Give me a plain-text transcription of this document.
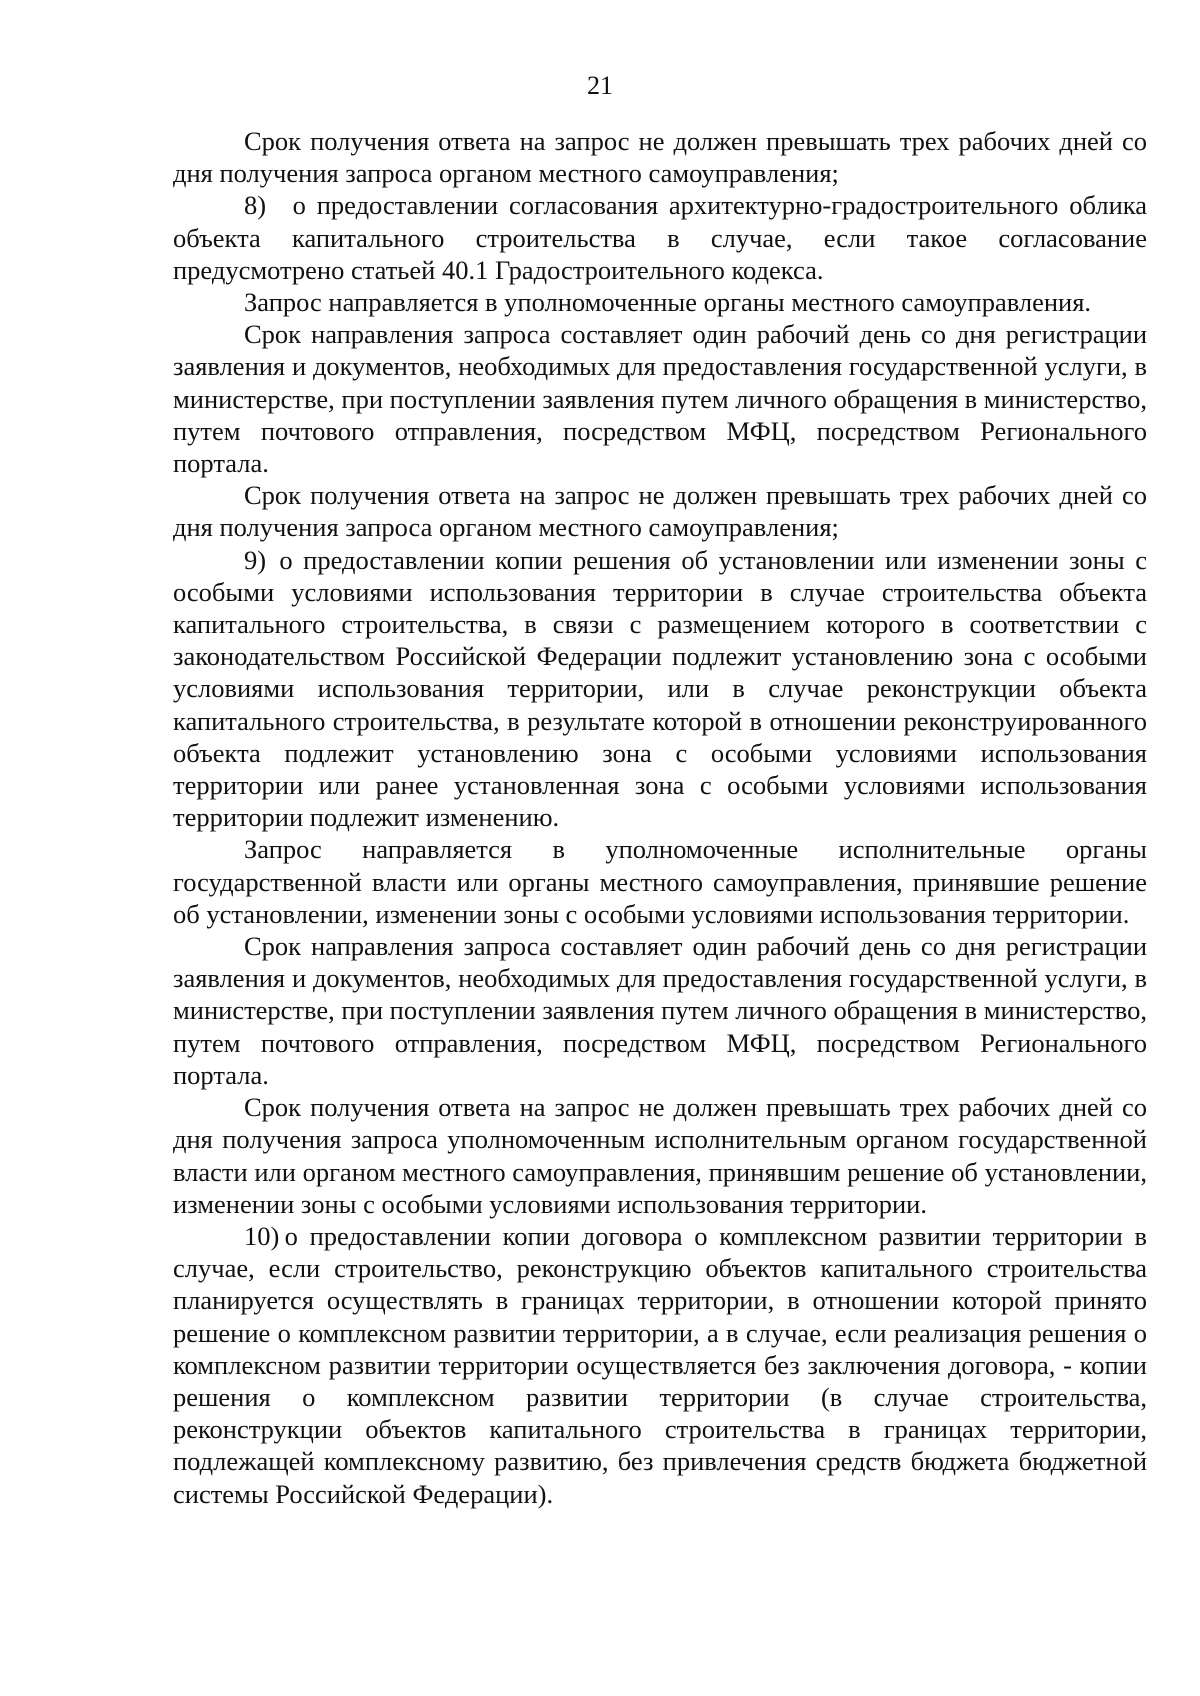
21

Срок получения ответа на запрос не должен превышать трех рабочих дней со дня получения запроса органом местного самоуправления;

8) о предоставлении согласования архитектурно-градостроительного облика объекта капитального строительства в случае, если такое согласование предусмотрено статьей 40.1 Градостроительного кодекса.

Запрос направляется в уполномоченные органы местного самоуправления.

Срок направления запроса составляет один рабочий день со дня регистрации заявления и документов, необходимых для предоставления государственной услуги, в министерстве, при поступлении заявления путем личного обращения в министерство, путем почтового отправления, посредством МФЦ, посредством Регионального портала.

Срок получения ответа на запрос не должен превышать трех рабочих дней со дня получения запроса органом местного самоуправления;

9) о предоставлении копии решения об установлении или изменении зоны с особыми условиями использования территории в случае строительства объекта капитального строительства, в связи с размещением которого в соответствии с законодательством Российской Федерации подлежит установлению зона с особыми условиями использования территории, или в случае реконструкции объекта капитального строительства, в результате которой в отношении реконструированного объекта подлежит установлению зона с особыми условиями использования территории или ранее установленная зона с особыми условиями использования территории подлежит изменению.

Запрос направляется в уполномоченные исполнительные органы государственной власти или органы местного самоуправления, принявшие решение об установлении, изменении зоны с особыми условиями использования территории.

Срок направления запроса составляет один рабочий день со дня регистрации заявления и документов, необходимых для предоставления государственной услуги, в министерстве, при поступлении заявления путем личного обращения в министерство, путем почтового отправления, посредством МФЦ, посредством Регионального портала.

Срок получения ответа на запрос не должен превышать трех рабочих дней со дня получения запроса уполномоченным исполнительным органом государственной власти или органом местного самоуправления, принявшим решение об установлении, изменении зоны с особыми условиями использования территории.

10) о предоставлении копии договора о комплексном развитии территории в случае, если строительство, реконструкцию объектов капитального строительства планируется осуществлять в границах территории, в отношении которой принято решение о комплексном развитии территории, а в случае, если реализация решения о комплексном развитии территории осуществляется без заключения договора, - копии решения о комплексном развитии территории (в случае строительства, реконструкции объектов капитального строительства в границах территории, подлежащей комплексному развитию, без привлечения средств бюджета бюджетной системы Российской Федерации).
